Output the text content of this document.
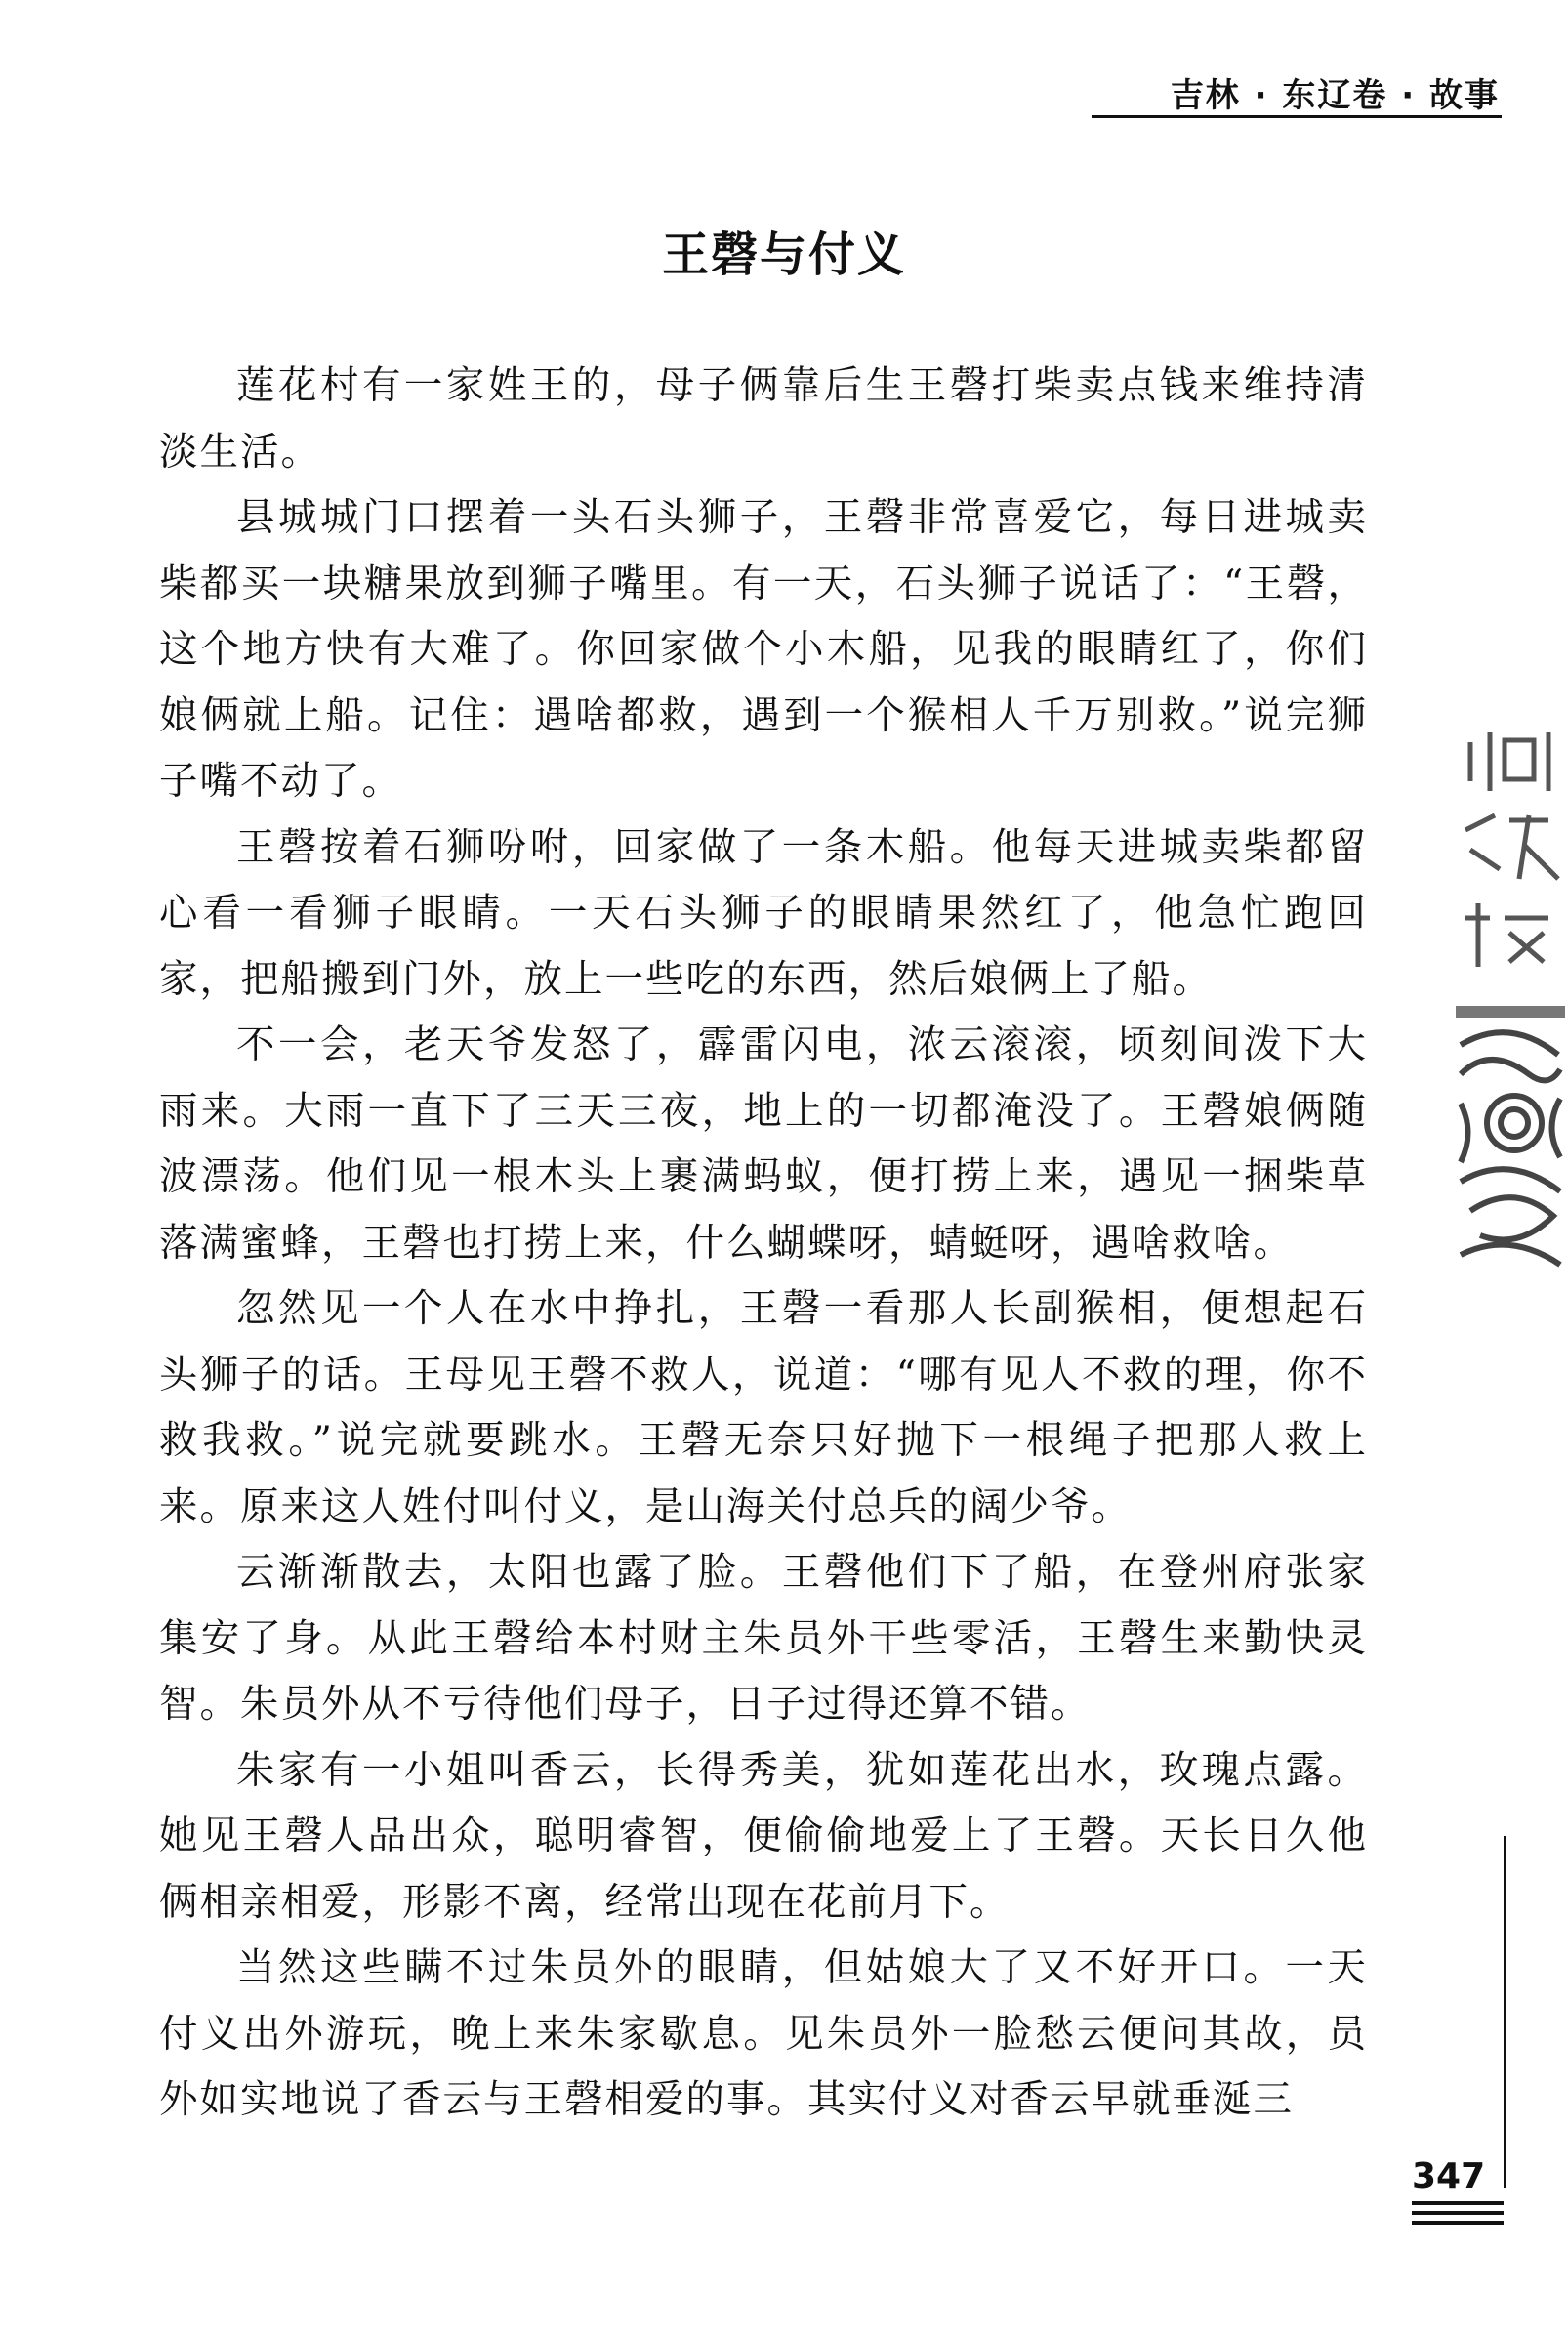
吉林 · 东辽卷 · 故事
王磬与付义

莲花村有一家姓王的，母子俩靠后生王磬打柴卖点钱来维持清淡生活。

县城城门口摆着一头石头狮子，王磬非常喜爱它，每日进城卖柴都买一块糖果放到狮子嘴里。有一天，石头狮子说话了：“王磬，这个地方快有大难了。你回家做个小木船，见我的眼睛红了，你们娘俩就上船。记住：遇啥都救，遇到一个猴相人千万别救。”说完狮子嘴不动了。

王磬按着石狮吩咐，回家做了一条木船。他每天进城卖柴都留心看一看狮子眼睛。一天石头狮子的眼睛果然红了，他急忙跑回家，把船搬到门外，放上一些吃的东西，然后娘俩上了船。

不一会，老天爷发怒了，霹雷闪电，浓云滚滚，顷刻间泼下大雨来。大雨一直下了三天三夜，地上的一切都淹没了。王磬娘俩随波漂荡。他们见一根木头上裹满蚂蚁，便打捞上来，遇见一捆柴草落满蜜蜂，王磬也打捞上来，什么蝴蝶呀，蜻蜓呀，遇啥救啥。

忽然见一个人在水中挣扎，王磬一看那人长副猴相，便想起石头狮子的话。王母见王磬不救人，说道：“哪有见人不救的理，你不救我救。”说完就要跳水。王磬无奈只好抛下一根绳子把那人救上来。原来这人姓付叫付义，是山海关付总兵的阔少爷。

云渐渐散去，太阳也露了脸。王磬他们下了船，在登州府张家集安了身。从此王磬给本村财主朱员外干些零活，王磬生来勤快灵智。朱员外从不亏待他们母子，日子过得还算不错。

朱家有一小姐叫香云，长得秀美，犹如莲花出水，玫瑰点露。她见王磬人品出众，聪明睿智，便偷偷地爱上了王磬。天长日久他俩相亲相爱，形影不离，经常出现在花前月下。

当然这些瞒不过朱员外的眼睛，但姑娘大了又不好开口。一天付义出外游玩，晚上来朱家歇息。见朱员外一脸愁云便问其故，员外如实地说了香云与王磬相爱的事。其实付义对香云早就垂涎三

347
